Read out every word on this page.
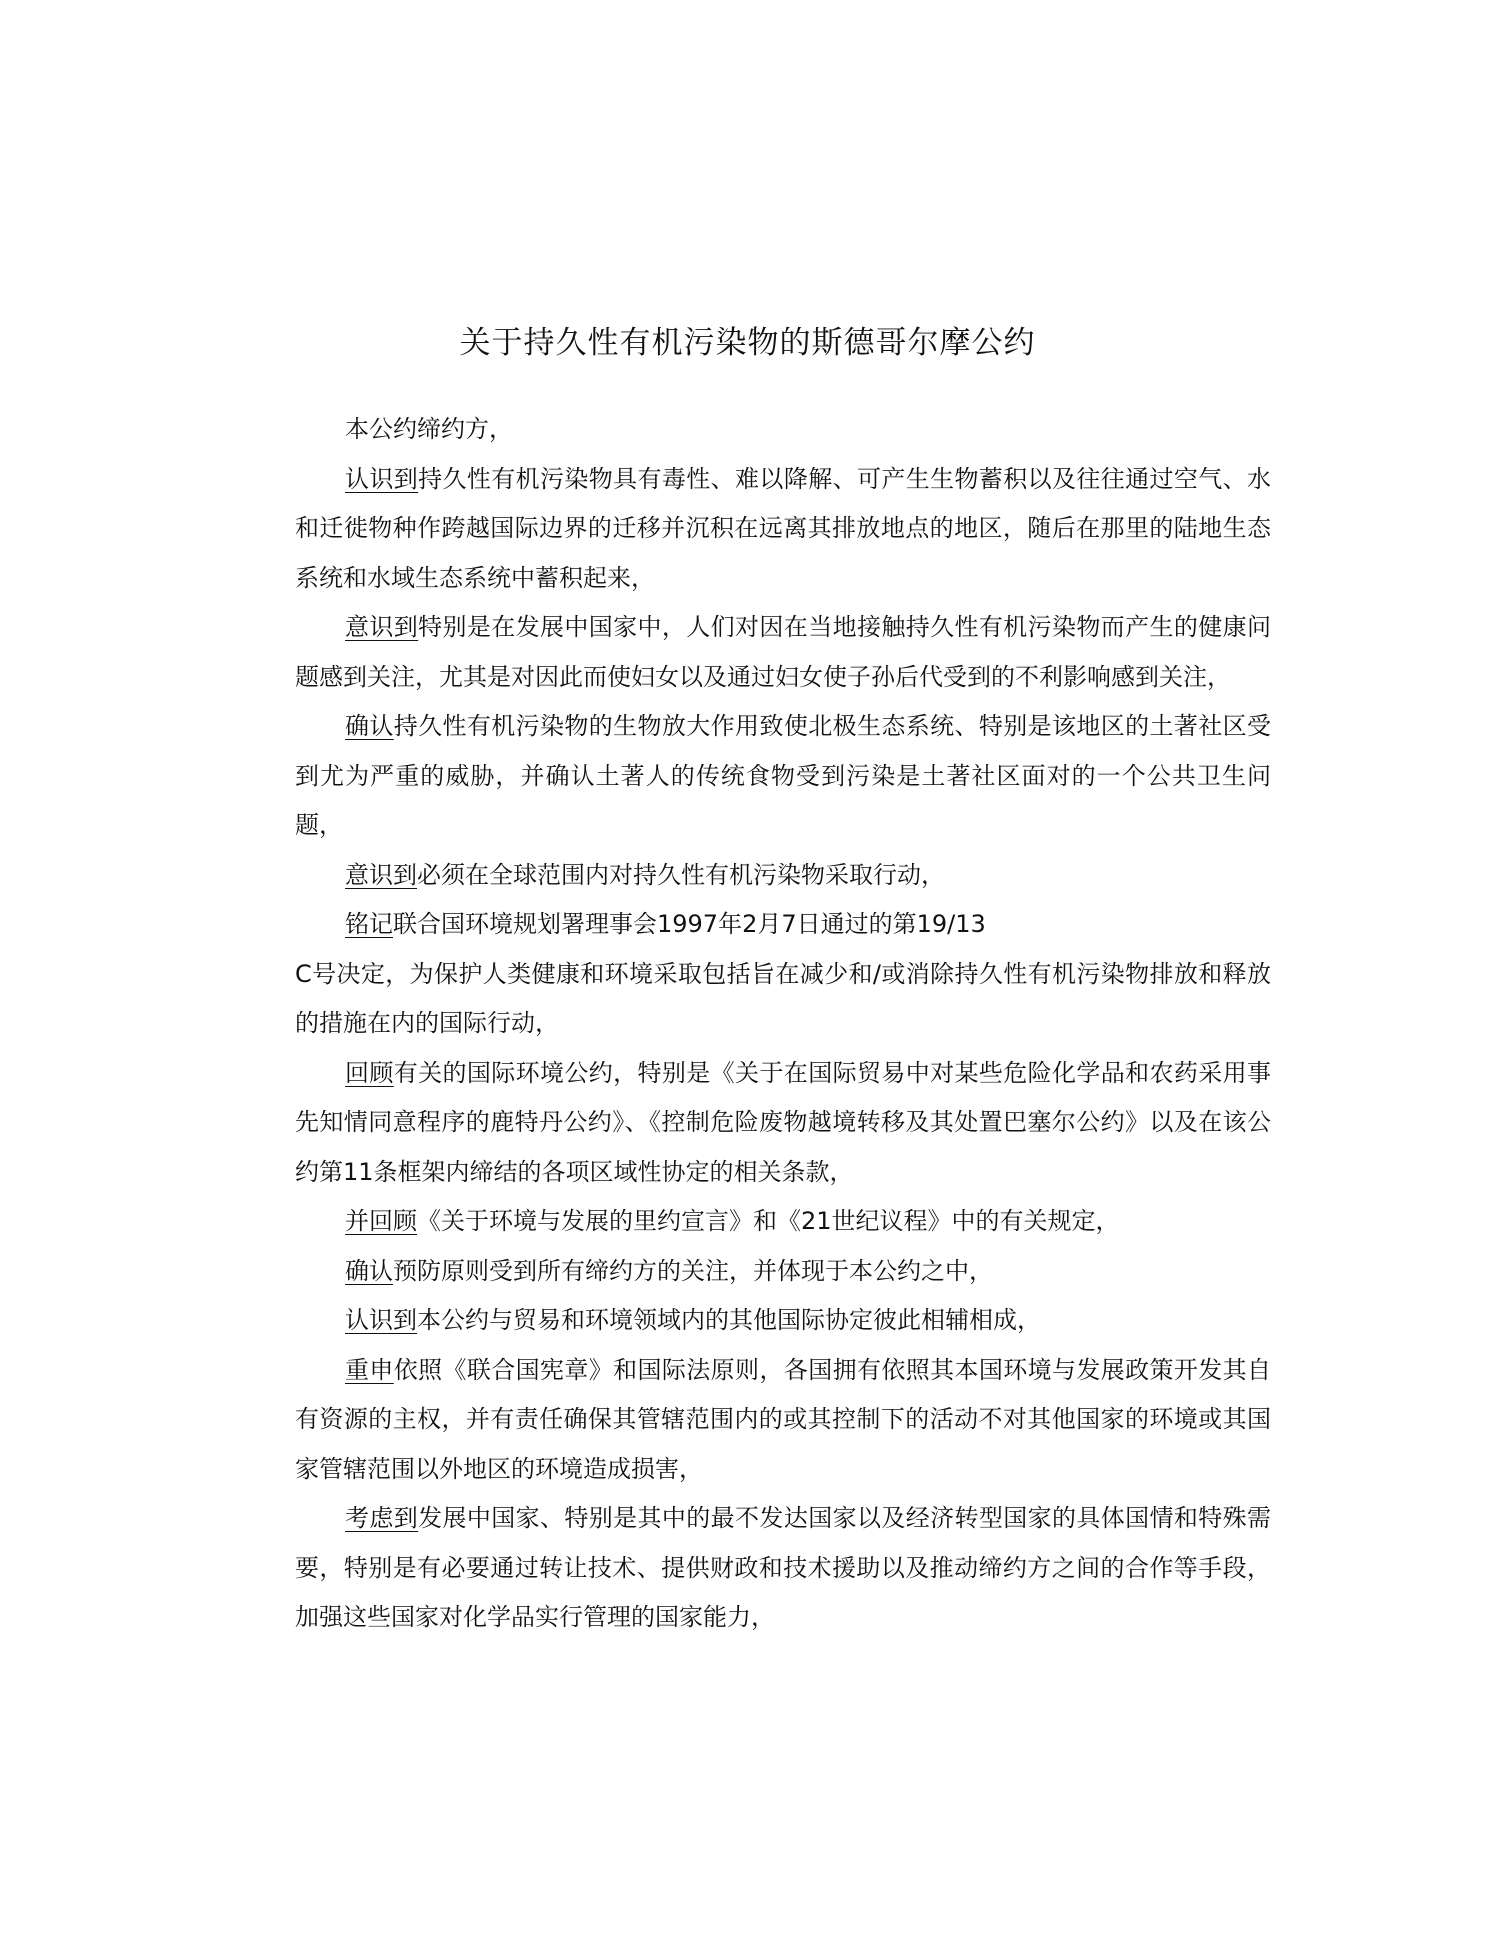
关于持久性有机污染物的斯德哥尔摩公约

本公约缔约方，

认识到持久性有机污染物具有毒性、难以降解、可产生生物蓄积以及往往通过空气、水和迁徙物种作跨越国际边界的迁移并沉积在远离其排放地点的地区，随后在那里的陆地生态系统和水域生态系统中蓄积起来，

意识到特别是在发展中国家中，人们对因在当地接触持久性有机污染物而产生的健康问题感到关注，尤其是对因此而使妇女以及通过妇女使子孙后代受到的不利影响感到关注，

确认持久性有机污染物的生物放大作用致使北极生态系统、特别是该地区的土著社区受到尤为严重的威胁，并确认土著人的传统食物受到污染是土著社区面对的一个公共卫生问题，

意识到必须在全球范围内对持久性有机污染物采取行动，

铭记联合国环境规划署理事会1997年2月7日通过的第19/13

C号决定，为保护人类健康和环境采取包括旨在减少和/或消除持久性有机污染物排放和释放的措施在内的国际行动，

回顾有关的国际环境公约，特别是《关于在国际贸易中对某些危险化学品和农药采用事先知情同意程序的鹿特丹公约》、《控制危险废物越境转移及其处置巴塞尔公约》以及在该公约第11条框架内缔结的各项区域性协定的相关条款，

并回顾《关于环境与发展的里约宣言》和《21世纪议程》中的有关规定，

确认预防原则受到所有缔约方的关注，并体现于本公约之中，

认识到本公约与贸易和环境领域内的其他国际协定彼此相辅相成，

重申依照《联合国宪章》和国际法原则，各国拥有依照其本国环境与发展政策开发其自有资源的主权，并有责任确保其管辖范围内的或其控制下的活动不对其他国家的环境或其国家管辖范围以外地区的环境造成损害，

考虑到发展中国家、特别是其中的最不发达国家以及经济转型国家的具体国情和特殊需要，特别是有必要通过转让技术、提供财政和技术援助以及推动缔约方之间的合作等手段，加强这些国家对化学品实行管理的国家能力，
